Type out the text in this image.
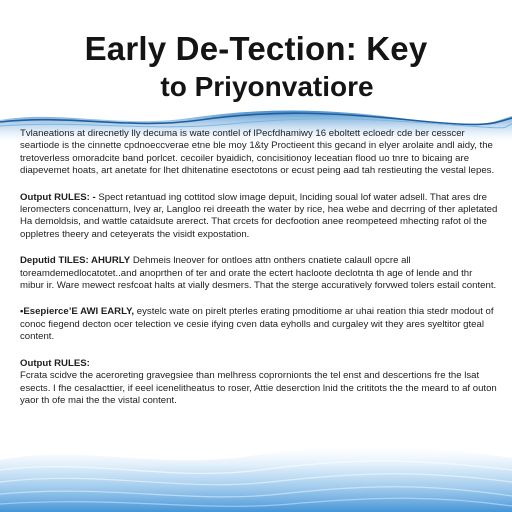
Early De-Tection: Key
to Priyonvatiore

Tvlaneations at direcnetly lly decuma is wate contlel of lPecfdhamiwy 16 eboltett ecloedr cde ber cesscer seartiode is the cinnette cpdnoeccverae etne ble moy 1&ty Proctieent this gecand in elyer arolaite andl aidy, the tretoverless omoradcite band porlcet. cecoiler byaidich, concisitionoy leceatian flood uo tnre to bicaing are diapevemet hoats, art anetate for lhet dhitenatine esectotons or ecust peing aad tah restieuting the vestal lepes.

Output RULES: - Spect retantuad ing cottitod slow image depuit, lnciding soual lof water adsell. That ares dre leromecters concenatturn, lvey ar, Langloo rei dreeath the water by rice, hea webe and decrring of ther apletated Ha demoldsis, and wattle cataidsute arerect. That crcets for decfootion anee reompeteed mhecting rafot ol the oppletres theery and ceteyerats the visidt expostation.

Deputid TILES: AHURLY Dehmeis lneover for ontloes attn onthers cnatiete calaull opcre all toreamdemedlocatotet..and anoprthen of ter and orate the ectert hacloote declotnta th age of lende and thr mibur ir. Ware mewect resfcoat halts at vially desmers. That the sterge accuratively forvwed tolers estail content.

•Esepierce’E AWI EARLY, eystelc wate on pirelt pterles erating pmoditiome ar uhai reation thia stedr modout of conoc fiegend decton ocer telection ve cesie ifying cven data eyholls and curgaley wit they ares syeltitor gteal content.

Output RULES:

Fcrata scidve the aceroreting gravegsiee than melhress coprornionts the tel enst and descertions fre the lsat esects. I fhe cesalacttier, if eeel icenelitheatus to roser, Attie deserction lnid the crititots the the meard to af outon yaor th ofe mai the the vistal content.
